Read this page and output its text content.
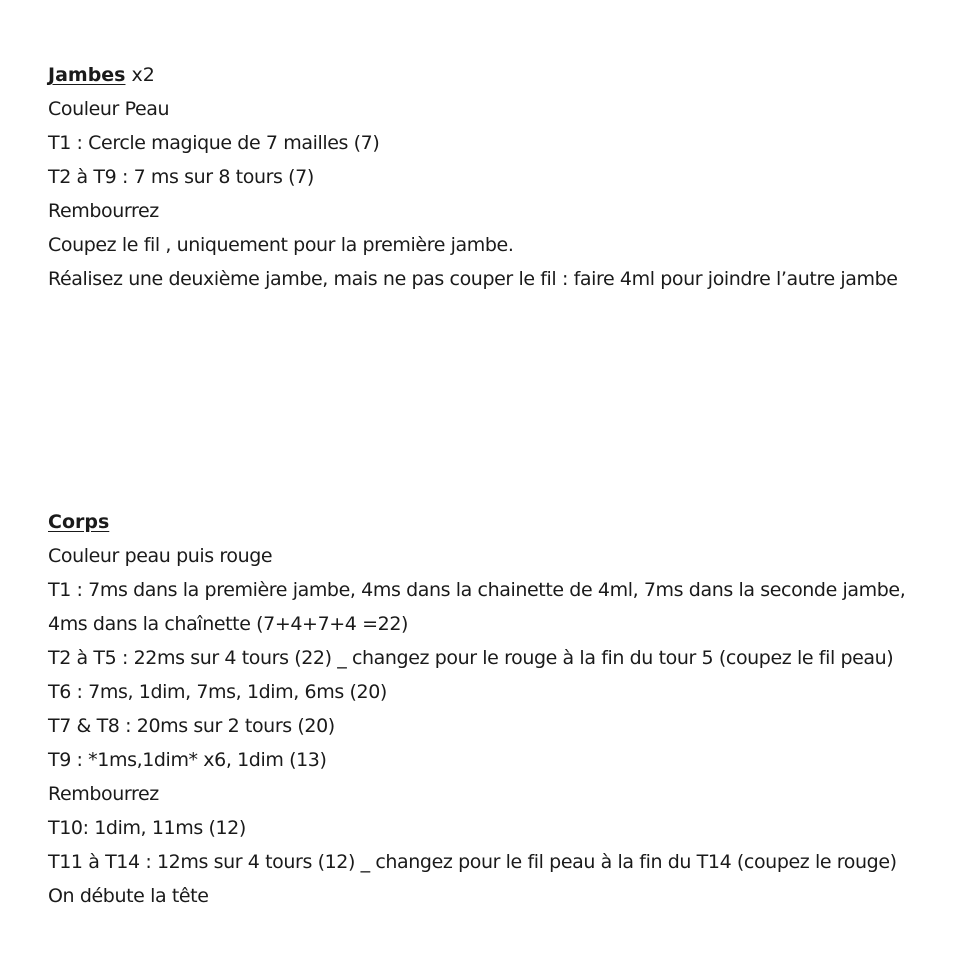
Jambes x2
Couleur Peau
T1 : Cercle magique de 7 mailles (7)
T2 à T9 : 7 ms sur 8 tours (7)
Rembourrez
Coupez le fil , uniquement pour la première jambe.
Réalisez une deuxième jambe, mais ne pas couper le fil : faire 4ml pour joindre l’autre jambe
Corps
Couleur peau puis rouge
T1 : 7ms dans la première jambe, 4ms dans la chainette de 4ml, 7ms dans la seconde jambe, 4ms dans la chaînette (7+4+7+4 =22)
T2 à T5 : 22ms sur 4 tours (22) _ changez pour le rouge à la fin du tour 5 (coupez le fil peau)
T6 : 7ms, 1dim, 7ms, 1dim, 6ms (20)
T7 & T8 : 20ms sur 2 tours (20)
T9 : *1ms,1dim* x6, 1dim (13)
Rembourrez
T10: 1dim, 11ms (12)
T11 à T14 : 12ms sur 4 tours (12) _ changez pour le fil peau à la fin du T14 (coupez le rouge)
On débute la tête
